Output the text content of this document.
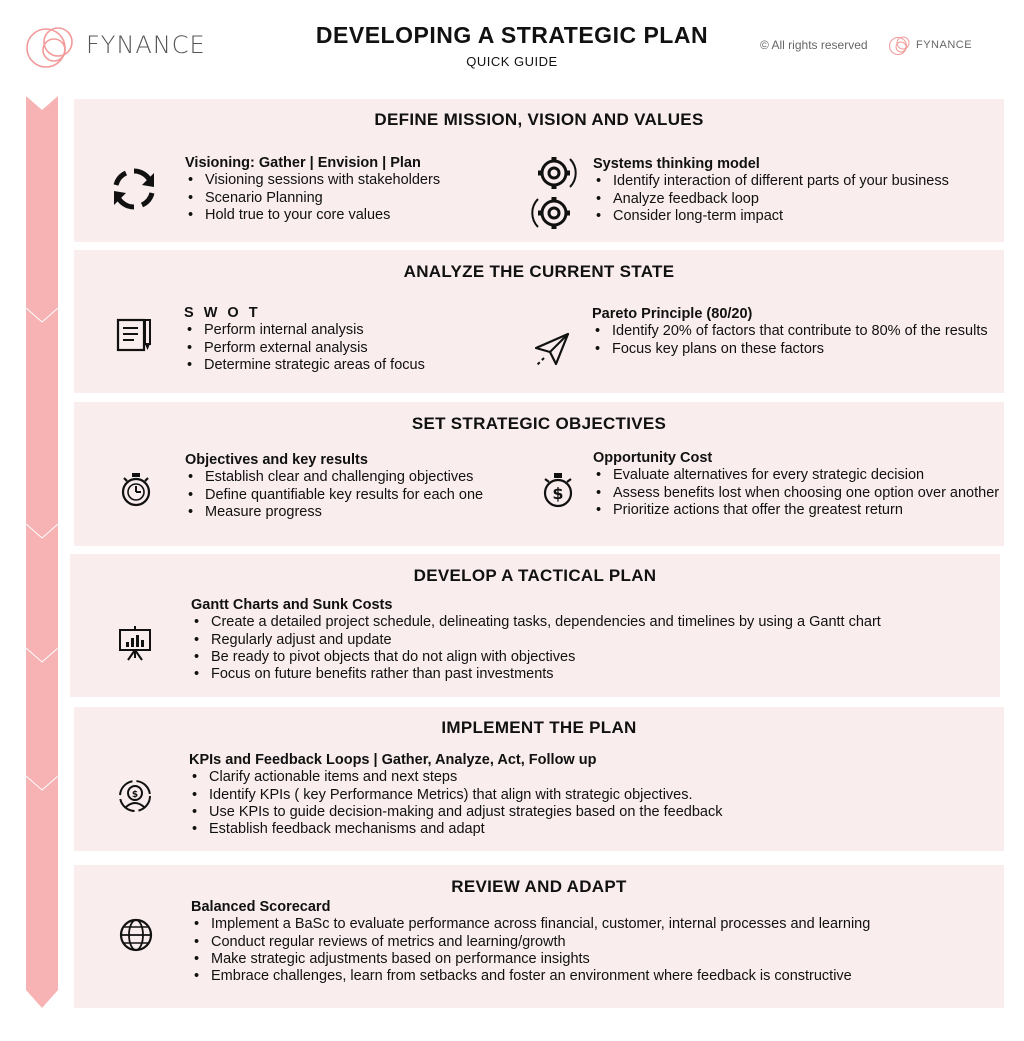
FYNANCE	DEVELOPING A STRATEGIC PLAN
QUICK GUIDE
© All rights reserved	FYNANCE
DEFINE MISSION, VISION AND VALUES
Visioning: Gather | Envision | Plan
• Visioning sessions with stakeholders
• Scenario Planning
• Hold true to your core values
Systems thinking model
• Identify interaction of different parts of your business
• Analyze feedback loop
• Consider long-term impact
ANALYZE THE CURRENT STATE
S W O T
• Perform internal analysis
• Perform external analysis
• Determine strategic areas of focus
Pareto Principle (80/20)
• Identify 20% of factors that contribute to 80% of the results
• Focus key plans on these factors
SET STRATEGIC OBJECTIVES
Objectives and key results
• Establish clear and challenging objectives
• Define quantifiable key results for each one
• Measure progress
$
Opportunity Cost
• Evaluate alternatives for every strategic decision
• Assess benefits lost when choosing one option over another
• Prioritize actions that offer the greatest return
DEVELOP A TACTICAL PLAN
Gantt Charts and Sunk Costs
• Create a detailed project schedule, delineating tasks, dependencies and timelines by using a Gantt chart
• Regularly adjust and update
• Be ready to pivot objects that do not align with objectives
• Focus on future benefits rather than past investments
IMPLEMENT THE PLAN
$
KPIs and Feedback Loops | Gather, Analyze, Act, Follow up
• Clarify actionable items and next steps
• Identify KPIs ( key Performance Metrics) that align with strategic objectives.
• Use KPIs to guide decision-making and adjust strategies based on the feedback
• Establish feedback mechanisms and adapt
REVIEW AND ADAPT
Balanced Scorecard
• Implement a BaSc to evaluate performance across financial, customer, internal processes and learning
• Conduct regular reviews of metrics and learning/growth
• Make strategic adjustments based on performance insights
• Embrace challenges, learn from setbacks and foster an environment where feedback is constructive
